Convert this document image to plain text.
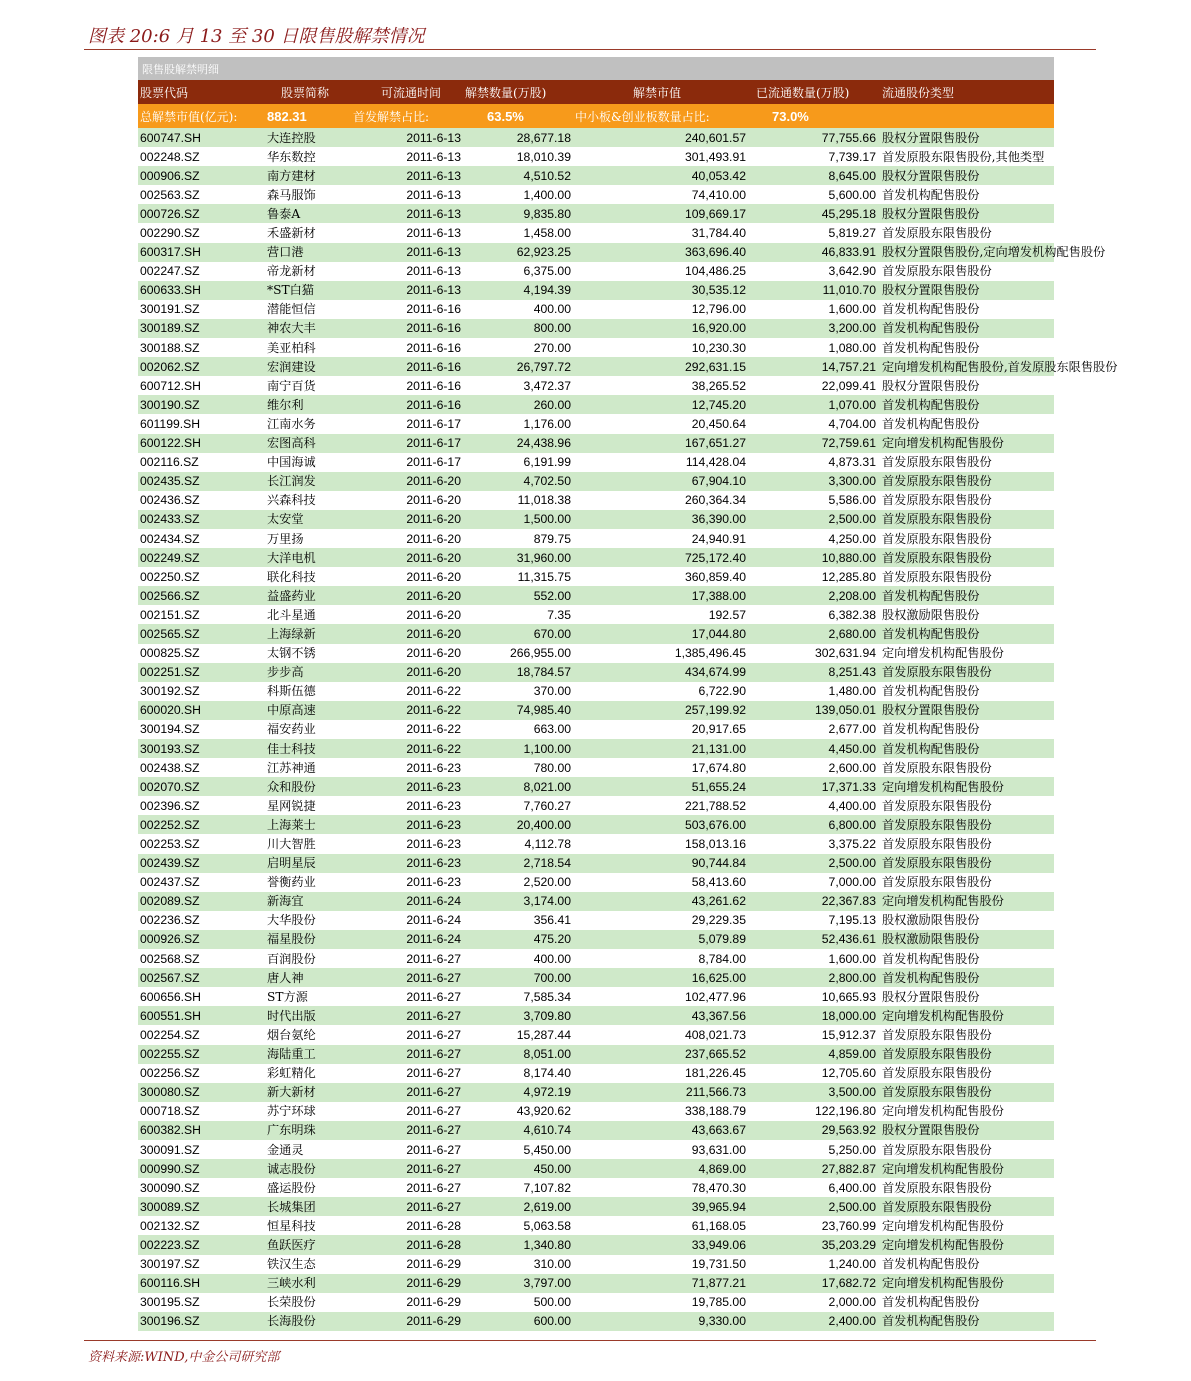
图表 20:6 月 13 至 30 日限售股解禁情况
限售股解禁明细						
股票代码	股票简称	可流通时间	解禁数量(万股)	解禁市值	已流通数量(万股)	流通股份类型
总解禁市值(亿元):	882.31	首发解禁占比:	63.5%	中小板&创业板数量占比:	73.0%	
600747.SH	大连控股	2011-6-13	28,677.18	240,601.57	77,755.66	股权分置限售股份
002248.SZ	华东数控	2011-6-13	18,010.39	301,493.91	7,739.17	首发原股东限售股份,其他类型
000906.SZ	南方建材	2011-6-13	4,510.52	40,053.42	8,645.00	股权分置限售股份
002563.SZ	森马服饰	2011-6-13	1,400.00	74,410.00	5,600.00	首发机构配售股份
000726.SZ	鲁泰A	2011-6-13	9,835.80	109,669.17	45,295.18	股权分置限售股份
002290.SZ	禾盛新材	2011-6-13	1,458.00	31,784.40	5,819.27	首发原股东限售股份
600317.SH	营口港	2011-6-13	62,923.25	363,696.40	46,833.91	股权分置限售股份,定向增发机构配售股份
002247.SZ	帝龙新材	2011-6-13	6,375.00	104,486.25	3,642.90	首发原股东限售股份
600633.SH	*ST白猫	2011-6-13	4,194.39	30,535.12	11,010.70	股权分置限售股份
300191.SZ	潜能恒信	2011-6-16	400.00	12,796.00	1,600.00	首发机构配售股份
300189.SZ	神农大丰	2011-6-16	800.00	16,920.00	3,200.00	首发机构配售股份
300188.SZ	美亚柏科	2011-6-16	270.00	10,230.30	1,080.00	首发机构配售股份
002062.SZ	宏润建设	2011-6-16	26,797.72	292,631.15	14,757.21	定向增发机构配售股份,首发原股东限售股份
600712.SH	南宁百货	2011-6-16	3,472.37	38,265.52	22,099.41	股权分置限售股份
300190.SZ	维尔利	2011-6-16	260.00	12,745.20	1,070.00	首发机构配售股份
601199.SH	江南水务	2011-6-17	1,176.00	20,450.64	4,704.00	首发机构配售股份
600122.SH	宏图高科	2011-6-17	24,438.96	167,651.27	72,759.61	定向增发机构配售股份
002116.SZ	中国海诚	2011-6-17	6,191.99	114,428.04	4,873.31	首发原股东限售股份
002435.SZ	长江润发	2011-6-20	4,702.50	67,904.10	3,300.00	首发原股东限售股份
002436.SZ	兴森科技	2011-6-20	11,018.38	260,364.34	5,586.00	首发原股东限售股份
002433.SZ	太安堂	2011-6-20	1,500.00	36,390.00	2,500.00	首发原股东限售股份
002434.SZ	万里扬	2011-6-20	879.75	24,940.91	4,250.00	首发原股东限售股份
002249.SZ	大洋电机	2011-6-20	31,960.00	725,172.40	10,880.00	首发原股东限售股份
002250.SZ	联化科技	2011-6-20	11,315.75	360,859.40	12,285.80	首发原股东限售股份
002566.SZ	益盛药业	2011-6-20	552.00	17,388.00	2,208.00	首发机构配售股份
002151.SZ	北斗星通	2011-6-20	7.35	192.57	6,382.38	股权激励限售股份
002565.SZ	上海绿新	2011-6-20	670.00	17,044.80	2,680.00	首发机构配售股份
000825.SZ	太钢不锈	2011-6-20	266,955.00	1,385,496.45	302,631.94	定向增发机构配售股份
002251.SZ	步步高	2011-6-20	18,784.57	434,674.99	8,251.43	首发原股东限售股份
300192.SZ	科斯伍德	2011-6-22	370.00	6,722.90	1,480.00	首发机构配售股份
600020.SH	中原高速	2011-6-22	74,985.40	257,199.92	139,050.01	股权分置限售股份
300194.SZ	福安药业	2011-6-22	663.00	20,917.65	2,677.00	首发机构配售股份
300193.SZ	佳士科技	2011-6-22	1,100.00	21,131.00	4,450.00	首发机构配售股份
002438.SZ	江苏神通	2011-6-23	780.00	17,674.80	2,600.00	首发原股东限售股份
002070.SZ	众和股份	2011-6-23	8,021.00	51,655.24	17,371.33	定向增发机构配售股份
002396.SZ	星网锐捷	2011-6-23	7,760.27	221,788.52	4,400.00	首发原股东限售股份
002252.SZ	上海莱士	2011-6-23	20,400.00	503,676.00	6,800.00	首发原股东限售股份
002253.SZ	川大智胜	2011-6-23	4,112.78	158,013.16	3,375.22	首发原股东限售股份
002439.SZ	启明星辰	2011-6-23	2,718.54	90,744.84	2,500.00	首发原股东限售股份
002437.SZ	誉衡药业	2011-6-23	2,520.00	58,413.60	7,000.00	首发原股东限售股份
002089.SZ	新海宜	2011-6-24	3,174.00	43,261.62	22,367.83	定向增发机构配售股份
002236.SZ	大华股份	2011-6-24	356.41	29,229.35	7,195.13	股权激励限售股份
000926.SZ	福星股份	2011-6-24	475.20	5,079.89	52,436.61	股权激励限售股份
002568.SZ	百润股份	2011-6-27	400.00	8,784.00	1,600.00	首发机构配售股份
002567.SZ	唐人神	2011-6-27	700.00	16,625.00	2,800.00	首发机构配售股份
600656.SH	ST方源	2011-6-27	7,585.34	102,477.96	10,665.93	股权分置限售股份
600551.SH	时代出版	2011-6-27	3,709.80	43,367.56	18,000.00	定向增发机构配售股份
002254.SZ	烟台氨纶	2011-6-27	15,287.44	408,021.73	15,912.37	首发原股东限售股份
002255.SZ	海陆重工	2011-6-27	8,051.00	237,665.52	4,859.00	首发原股东限售股份
002256.SZ	彩虹精化	2011-6-27	8,174.40	181,226.45	12,705.60	首发原股东限售股份
300080.SZ	新大新材	2011-6-27	4,972.19	211,566.73	3,500.00	首发原股东限售股份
000718.SZ	苏宁环球	2011-6-27	43,920.62	338,188.79	122,196.80	定向增发机构配售股份
600382.SH	广东明珠	2011-6-27	4,610.74	43,663.67	29,563.92	股权分置限售股份
300091.SZ	金通灵	2011-6-27	5,450.00	93,631.00	5,250.00	首发原股东限售股份
000990.SZ	诚志股份	2011-6-27	450.00	4,869.00	27,882.87	定向增发机构配售股份
300090.SZ	盛运股份	2011-6-27	7,107.82	78,470.30	6,400.00	首发原股东限售股份
300089.SZ	长城集团	2011-6-27	2,619.00	39,965.94	2,500.00	首发原股东限售股份
002132.SZ	恒星科技	2011-6-28	5,063.58	61,168.05	23,760.99	定向增发机构配售股份
002223.SZ	鱼跃医疗	2011-6-28	1,340.80	33,949.06	35,203.29	定向增发机构配售股份
300197.SZ	铁汉生态	2011-6-29	310.00	19,731.50	1,240.00	首发机构配售股份
600116.SH	三峡水利	2011-6-29	3,797.00	71,877.21	17,682.72	定向增发机构配售股份
300195.SZ	长荣股份	2011-6-29	500.00	19,785.00	2,000.00	首发机构配售股份
300196.SZ	长海股份	2011-6-29	600.00	9,330.00	2,400.00	首发机构配售股份
资料来源:WIND,中金公司研究部
